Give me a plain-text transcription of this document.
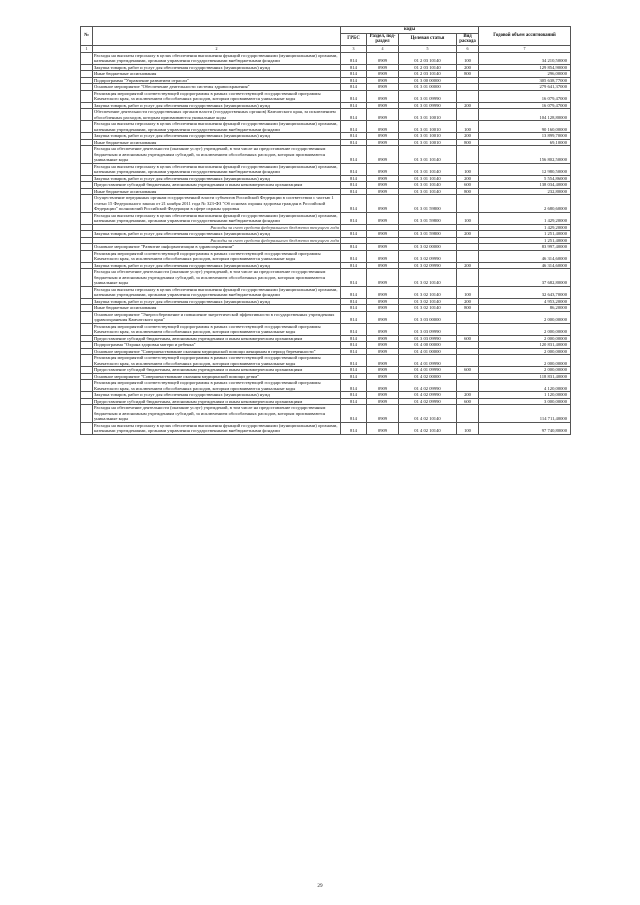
№		коды				Годовой объем ассигнований
		ГРБС	Раздел, под-раздел	Целевая статья	Вид расхода	
1	2	3	4	5	6	7
	Расходы на выплаты персоналу в целях обеспечения выполнения функций государственными (муниципальными) органами, казенными учреждениями, органами управления государственными внебюджетными фондами	814	0909	01 2 03 10140	100	34 210,50000
	Закупка товаров, работ и услуг для обеспечения государственных (муниципальных) нужд	814	0909	01 2 03 10140	200	129 854,90000
	Иные бюджетные ассигнования	814	0909	01 2 03 10140	800	296,00000
	Подпрограмма "Управление развитием отрасли"	814	0909	01 3 00 00000		305 638,77000
	Основное мероприятие "Обеспечение деятельности системы здравоохранения"	814	0909	01 3 01 00000		279 641,37000
	Реализация мероприятий соответствующей подпрограммы в рамках соответствующей государственной программы Камчатского края, за исключением обособленных расходов, которым присваиваются уникальные коды	814	0909	01 3 01 09990		16 079,47000
	Закупка товаров, работ и услуг для обеспечения государственных (муниципальных) нужд	814	0909	01 3 01 09990	200	16 079,47000
	Обеспечение деятельности государственных органов власти (государственных органов) Камчатского края, за исключением обособленных расходов, которым присваиваются уникальные коды	814	0909	01 3 01 10010		104 128,80000
	Расходы на выплаты персоналу в целях обеспечения выполнения функций государственными (муниципальными) органами, казенными учреждениями, органами управления государственными внебюджетными фондами	814	0909	01 3 01 10010	100	90 160,00000
	Закупка товаров, работ и услуг для обеспечения государственных (муниципальных) нужд	814	0909	01 3 01 10010	200	13 899,70000
	Иные бюджетные ассигнования	814	0909	01 3 01 10010	800	69,10000
	Расходы на обеспечение деятельности (оказание услуг) учреждений, в том числе на предоставление государственным бюджетным и автономным учреждениям субсидий, за исключением обособленных расходов, которым присваиваются уникальные коды	814	0909	01 3 01 10140		156 802,50000
	Расходы на выплаты персоналу в целях обеспечения выполнения функций государственными (муниципальными) органами, казенными учреждениями, органами управления государственными внебюджетными фондами	814	0909	01 3 01 10140	100	12 980,50000
	Закупка товаров, работ и услуг для обеспечения государственных (муниципальных) нужд	814	0909	01 3 01 10140	200	5 554,86000
	Предоставление субсидий бюджетным, автономным учреждениям и иным некоммерческим организациям	814	0909	01 3 01 10140	600	138 034,40000
	Иные бюджетные ассигнования	814	0909	01 3 01 10140	800	232,80000
	Осуществление переданных органам государственной власти субъектов Российской Федерации в соответствии с частью 1 статьи 15 Федерального закона от 21 ноября 2011 года № 323-ФЗ "Об основах охраны здоровья граждан в Российской Федерации" полномочий Российской Федерации в сфере охраны здоровья	814	0909	01 3 01 59800		2 680,60000
	Расходы на выплаты персоналу в целях обеспечения выполнения функций государственными (муниципальными) органами, казенными учреждениями, органами управления государственными внебюджетными фондами	814	0909	01 3 01 59800	100	1 429,20000
	Расходы за счет средств федерального бюджета текущего года					1 429,20000
	Закупка товаров, работ и услуг для обеспечения государственных (муниципальных) нужд	814	0909	01 3 01 59800	200	1 251,40000
	Расходы за счет средств федерального бюджета текущего года					1 251,40000
	Основное мероприятие "Развитие информатизации в здравоохранении"	814	0909	01 3 02 00000		83 997,40000
	Реализация мероприятий соответствующей подпрограммы в рамках соответствующей государственной программы Камчатского края, за исключением обособленных расходов, которым присваиваются уникальные коды	814	0909	01 3 02 09990		46 314,60000
	Закупка товаров, работ и услуг для обеспечения государственных (муниципальных) нужд	814	0909	01 3 02 09990	200	46 314,60000
	Расходы на обеспечение деятельности (оказание услуг) учреждений, в том числе на предоставление государственным бюджетным и автономным учреждениям субсидий, за исключением обособленных расходов, которым присваиваются уникальные коды	814	0909	01 3 02 10140		37 682,80000
	Расходы на выплаты персоналу в целях обеспечения выполнения функций государственными (муниципальными) органами, казенными учреждениями, органами управления государственными внебюджетными фондами	814	0909	01 3 02 10140	100	32 643,70000
	Закупка товаров, работ и услуг для обеспечения государственных (муниципальных) нужд	814	0909	01 3 02 10140	200	4 953,20000
	Иные бюджетные ассигнования	814	0909	01 3 02 10140	800	86,20000
	Основное мероприятие "Энергосбережение и повышение энергетической эффективности в государственных учреждениях здравоохранения Камчатского края"	814	0909	01 3 03 00000		2 000,00000
	Реализация мероприятий соответствующей подпрограммы в рамках соответствующей государственной программы Камчатского края, за исключением обособленных расходов, которым присваиваются уникальные коды	814	0909	01 3 03 09990		2 000,00000
	Предоставление субсидий бюджетным, автономным учреждениям и иным некоммерческим организациям	814	0909	01 3 03 09990	600	2 000,00000
	Подпрограмма "Охрана здоровья матери и ребенка"	814	0909	01 4 00 00000		120 831,40000
	Основное мероприятие "Совершенствование оказания медицинской помощи женщинам в период беременности"	814	0909	01 4 01 00000		2 000,00000
	Реализация мероприятий соответствующей подпрограммы в рамках соответствующей государственной программы Камчатского края, за исключением обособленных расходов, которым присваиваются уникальные коды	814	0909	01 4 01 09990		2 000,00000
	Предоставление субсидий бюджетным, автономным учреждениям и иным некоммерческим организациям	814	0909	01 4 01 09990	600	2 000,00000
	Основное мероприятие "Совершенствование оказания медицинской помощи детям"	814	0909	01 4 02 00000		118 831,40000
	Реализация мероприятий соответствующей подпрограммы в рамках соответствующей государственной программы Камчатского края, за исключением обособленных расходов, которым присваиваются уникальные коды	814	0909	01 4 02 09990		4 120,00000
	Закупка товаров, работ и услуг для обеспечения государственных (муниципальных) нужд	814	0909	01 4 02 09990	200	1 120,00000
	Предоставление субсидий бюджетным, автономным учреждениям и иным некоммерческим организациям	814	0909	01 4 02 09990	600	3 000,00000
	Расходы на обеспечение деятельности (оказание услуг) учреждений, в том числе на предоставление государственным бюджетным и автономным учреждениям субсидий, за исключением обособленных расходов, которым присваиваются уникальные коды	814	0909	01 4 02 10140		114 711,40000
	Расходы на выплаты персоналу в целях обеспечения выполнения функций государственными (муниципальными) органами, казенными учреждениями, органами управления государственными внебюджетными фондами	814	0909	01 4 02 10140	100	97 740,80000
29
